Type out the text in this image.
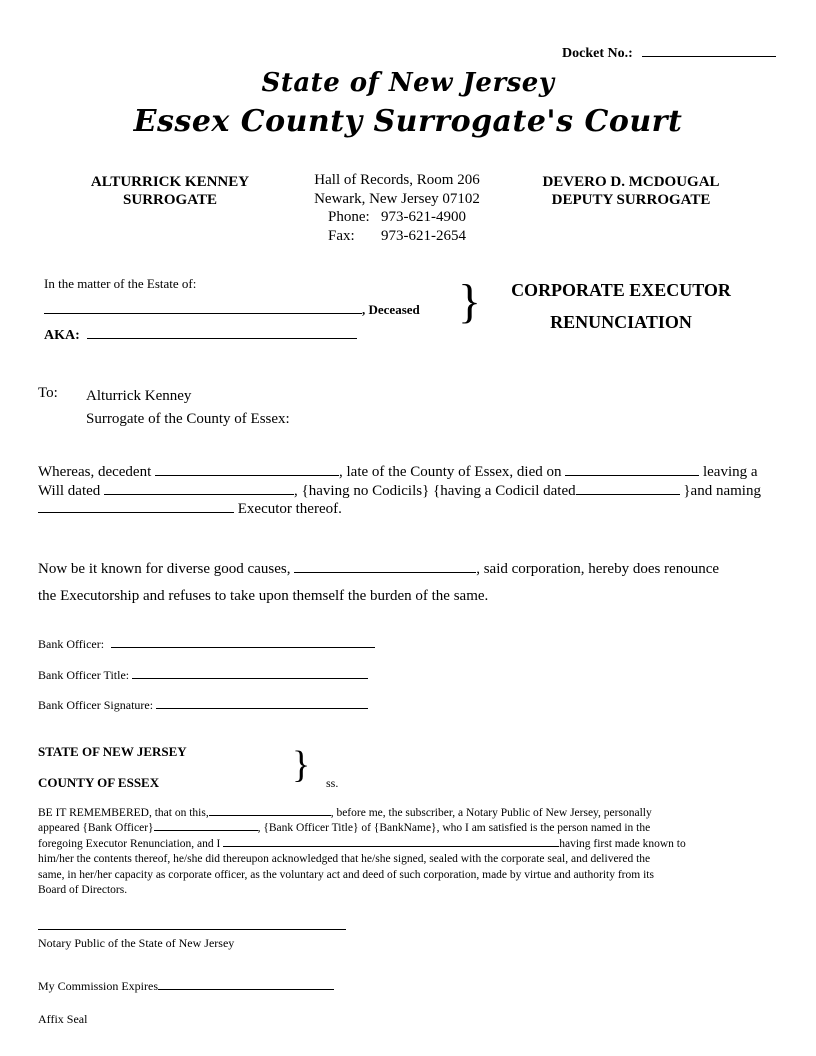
Docket No.:
State of New Jersey
Essex County Surrogate's Court
ALTURRICK KENNEY
SURROGATE
Hall of Records, Room 206
Newark, New Jersey 07102
Phone: 973-621-4900
Fax: 973-621-2654
DEVERO D. MCDOUGAL
DEPUTY SURROGATE
In the matter of the Estate of:
, Deceased
AKA:
}	CORPORATE EXECUTOR
RENUNCIATION
To: Alturrick Kenney
Surrogate of the County of Essex:
Whereas, decedent	, late of the County of Essex, died on	leaving a
Will dated	, {having no Codicils} {having a Codicil dated	}and naming
Executor thereof.
Now be it known for diverse good causes,	, said corporation, hereby does renounce
the Executorship and refuses to take upon themself the burden of the same.
Bank Officer:
Bank Officer Title:
Bank Officer Signature:
STATE OF NEW JERSEY
COUNTY OF ESSEX	} ss.
BE IT REMEMBERED, that on this,	, before me, the subscriber, a Notary Public of New Jersey, personally
appeared {Bank Officer}	, {Bank Officer Title} of {BankName}, who I am satisfied is the person named in the
foregoing Executor Renunciation, and I	having first made known to
him/her the contents thereof, he/she did thereupon acknowledged that he/she signed, sealed with the corporate seal, and delivered the
same, in her/her capacity as corporate officer, as the voluntary act and deed of such corporation, made by virtue and authority from its
Board of Directors.
Notary Public of the State of New Jersey
My Commission Expires
Affix Seal
